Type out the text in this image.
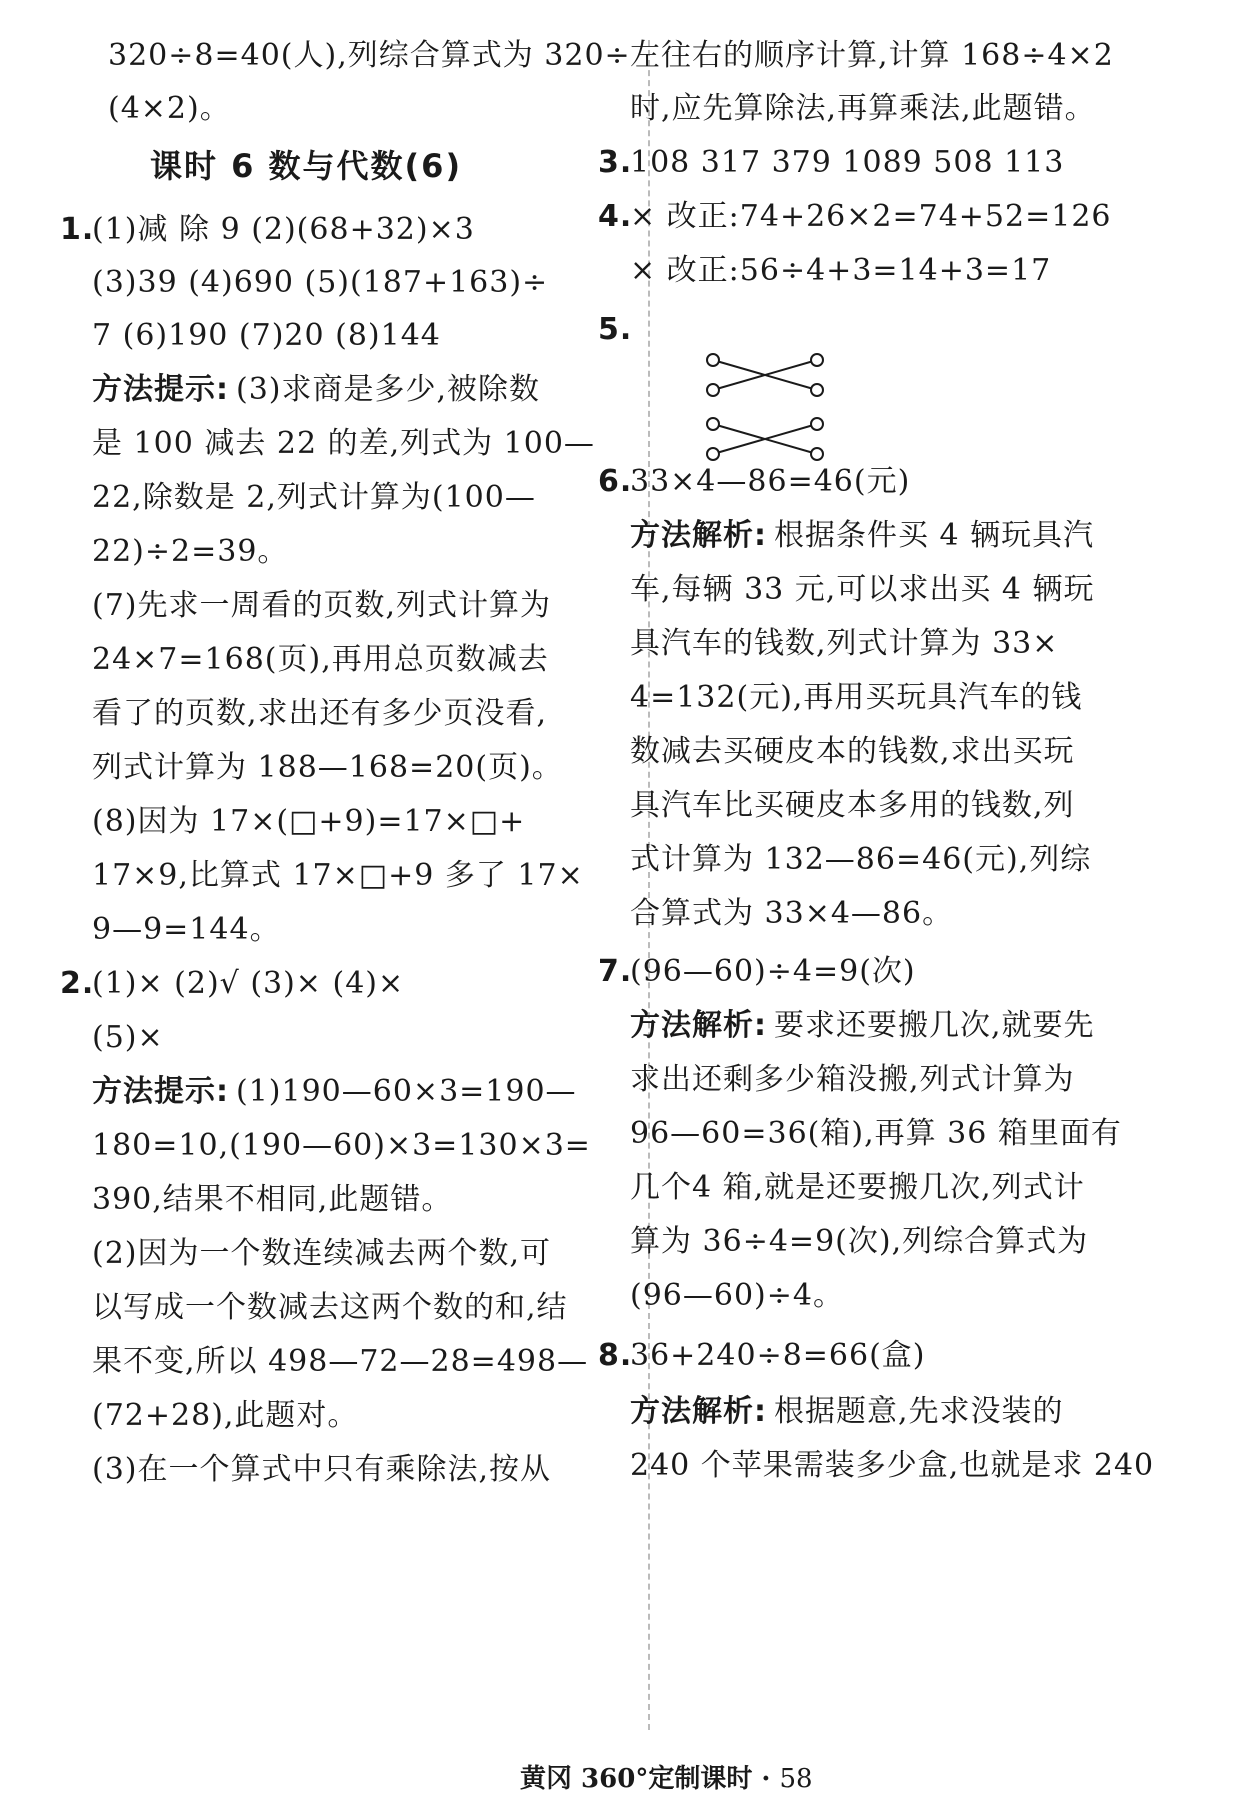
320÷8=40(人),列综合算式为 320÷
(4×2)。
课时 6 数与代数(6)
1.
(1)减 除 9 (2)(68+32)×3
(3)39 (4)690 (5)(187+163)÷
7 (6)190 (7)20 (8)144
方法提示: (3)求商是多少,被除数
是 100 减去 22 的差,列式为 100—
22,除数是 2,列式计算为(100—
22)÷2=39。
(7)先求一周看的页数,列式计算为
24×7=168(页),再用总页数减去
看了的页数,求出还有多少页没看,
列式计算为 188—168=20(页)。
(8)因为 17×(□+9)=17×□+
17×9,比算式 17×□+9 多了 17×
9—9=144。
2.
(1)× (2)√ (3)× (4)×
(5)×
方法提示: (1)190—60×3=190—
180=10,(190—60)×3=130×3=
390,结果不相同,此题错。
(2)因为一个数连续减去两个数,可
以写成一个数减去这两个数的和,结
果不变,所以 498—72—28=498—
(72+28),此题对。
(3)在一个算式中只有乘除法,按从
左往右的顺序计算,计算 168÷4×2
时,应先算除法,再算乘法,此题错。
3.
108 317 379 1089 508 113
4.
× 改正:74+26×2=74+52=126
× 改正:56÷4+3=14+3=17
5.
6.
33×4—86=46(元)
方法解析: 根据条件买 4 辆玩具汽
车,每辆 33 元,可以求出买 4 辆玩
具汽车的钱数,列式计算为 33×
4=132(元),再用买玩具汽车的钱
数减去买硬皮本的钱数,求出买玩
具汽车比买硬皮本多用的钱数,列
式计算为 132—86=46(元),列综
合算式为 33×4—86。
7.
(96—60)÷4=9(次)
方法解析: 要求还要搬几次,就要先
求出还剩多少箱没搬,列式计算为
96—60=36(箱),再算 36 箱里面有
几个4 箱,就是还要搬几次,列式计
算为 36÷4=9(次),列综合算式为
(96—60)÷4。
8.
36+240÷8=66(盒)
方法解析: 根据题意,先求没装的
240 个苹果需装多少盒,也就是求 240
黄冈 360°定制课时 · 58
